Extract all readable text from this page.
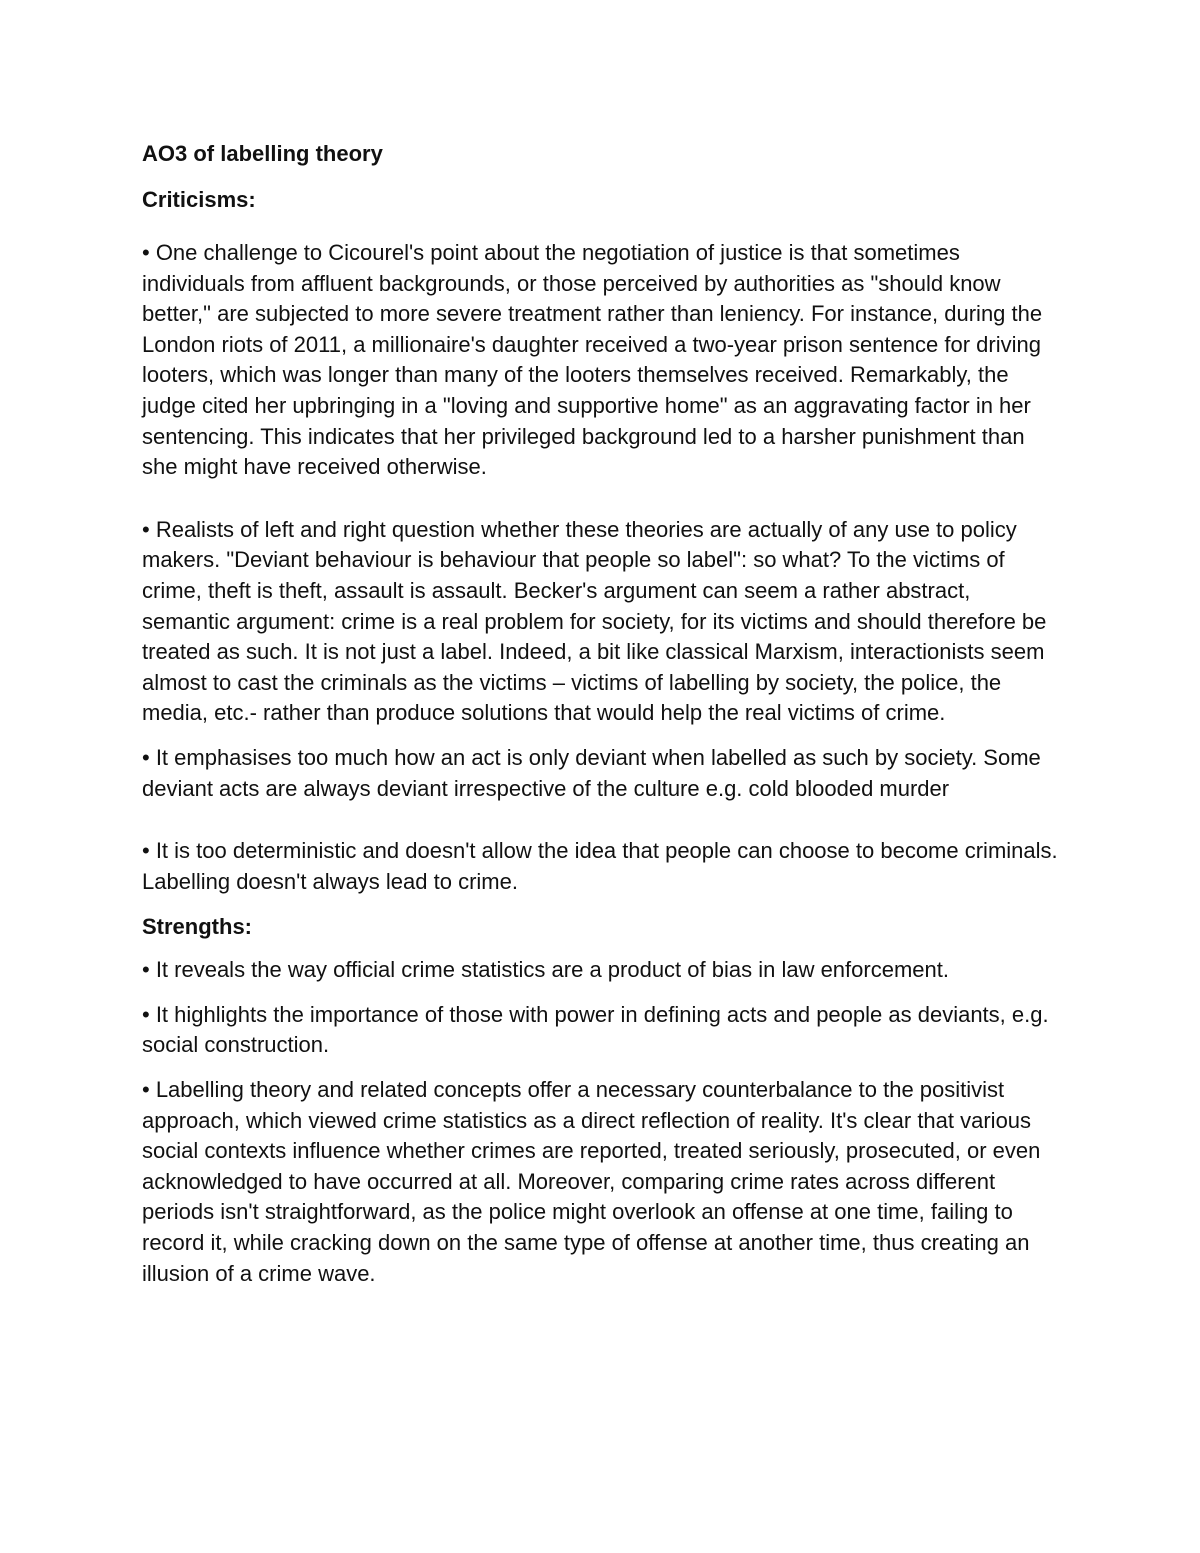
AO3 of labelling theory
Criticisms:

• One challenge to Cicourel's point about the negotiation of justice is that sometimes individuals from affluent backgrounds, or those perceived by authorities as "should know better," are subjected to more severe treatment rather than leniency. For instance, during the London riots of 2011, a millionaire's daughter received a two-year prison sentence for driving looters, which was longer than many of the looters themselves received. Remarkably, the judge cited her upbringing in a "loving and supportive home" as an aggravating factor in her sentencing. This indicates that her privileged background led to a harsher punishment than she might have received otherwise.

• Realists of left and right question whether these theories are actually of any use to policy makers. "Deviant behaviour is behaviour that people so label": so what? To the victims of crime, theft is theft, assault is assault. Becker's argument can seem a rather abstract, semantic argument: crime is a real problem for society, for its victims and should therefore be treated as such. It is not just a label. Indeed, a bit like classical Marxism, interactionists seem almost to cast the criminals as the victims – victims of labelling by society, the police, the media, etc.- rather than produce solutions that would help the real victims of crime.

• It emphasises too much how an act is only deviant when labelled as such by society. Some deviant acts are always deviant irrespective of the culture e.g. cold blooded murder

• It is too deterministic and doesn't allow the idea that people can choose to become criminals. Labelling doesn't always lead to crime.

Strengths:

• It reveals the way official crime statistics are a product of bias in law enforcement.

• It highlights the importance of those with power in defining acts and people as deviants, e.g. social construction.

• Labelling theory and related concepts offer a necessary counterbalance to the positivist approach, which viewed crime statistics as a direct reflection of reality. It's clear that various social contexts influence whether crimes are reported, treated seriously, prosecuted, or even acknowledged to have occurred at all. Moreover, comparing crime rates across different periods isn't straightforward, as the police might overlook an offense at one time, failing to record it, while cracking down on the same type of offense at another time, thus creating an illusion of a crime wave.
